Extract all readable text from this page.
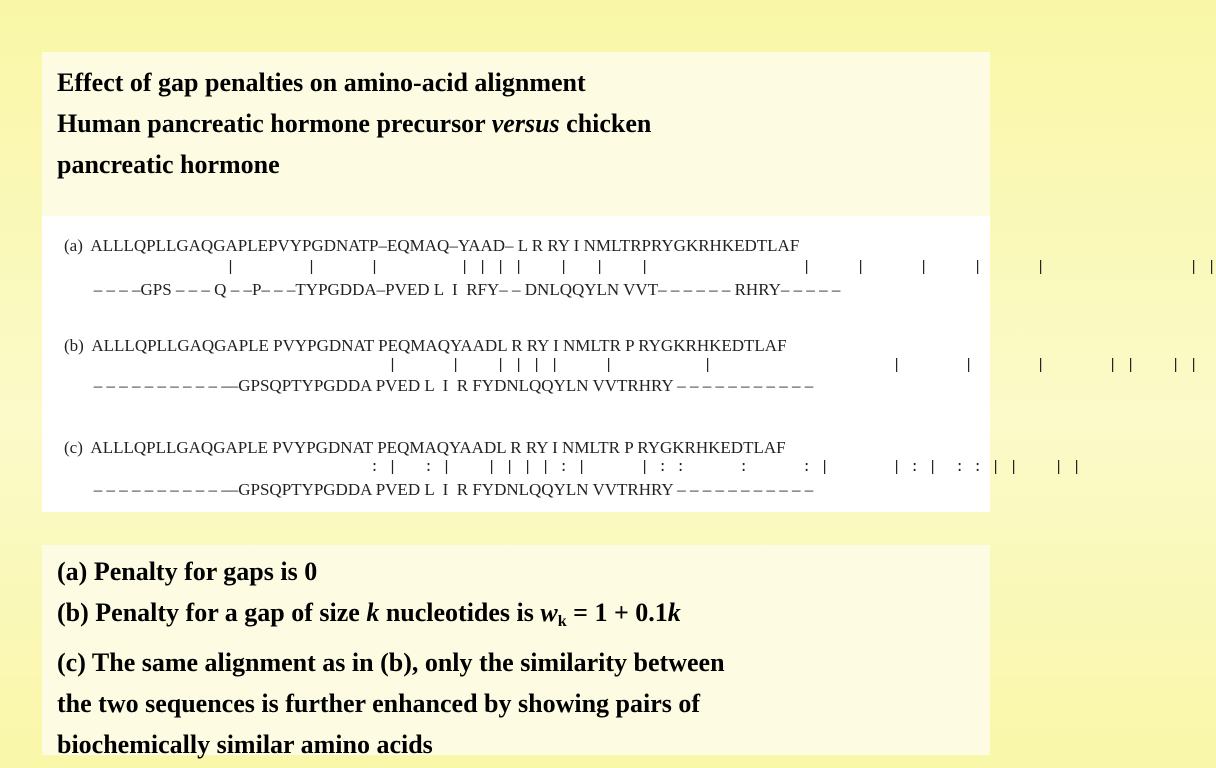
Effect of gap penalties on amino-acid alignment
Human pancreatic hormone precursor versus chicken
pancreatic hormone
(a)  ALLLQPLLGAQGAPLEPVYPGDNATP–EQMAQ–YAAD– L R RY I NMLTRPRYGKRHKEDTLAF
|        |      |         | | | |    |   |    |                 |     |      |     |      |                | |
– – – –GPS – – – Q – –P– – –TYPGDDA–PVED L  I  RFY– – DNLQQYLN VVT– – – – – – RHRY– – – – –
(b)  ALLLQPLLGAQGAPLE PVYPGDNAT PEQMAQYAADL R RY I NMLTR P RYGKRHKEDTLAF
|      |    | | | |     |          |                    |       |       |       | |    | |
– – – – – – – – – – ––GPSQPTYPGDDA PVED L  I  R FYDNLQQYLN VVTRHRY – – – – – – – – – – –
(c)  ALLLQPLLGAQGAPLE PVYPGDNAT PEQMAQYAADL R RY I NMLTR P RYGKRHKEDTLAF
: |   : |    | | | | : |      | : :      :      : |       | : |  : : | |    | |
– – – – – – – – – – ––GPSQPTYPGDDA PVED L  I  R FYDNLQQYLN VVTRHRY – – – – – – – – – – –
(a) Penalty for gaps is 0
(b) Penalty for a gap of size k nucleotides is $w_k = 1 + 0.1k$
(c) The same alignment as in (b), only the similarity between
the two sequences is further enhanced by showing pairs of
biochemically similar amino acids
